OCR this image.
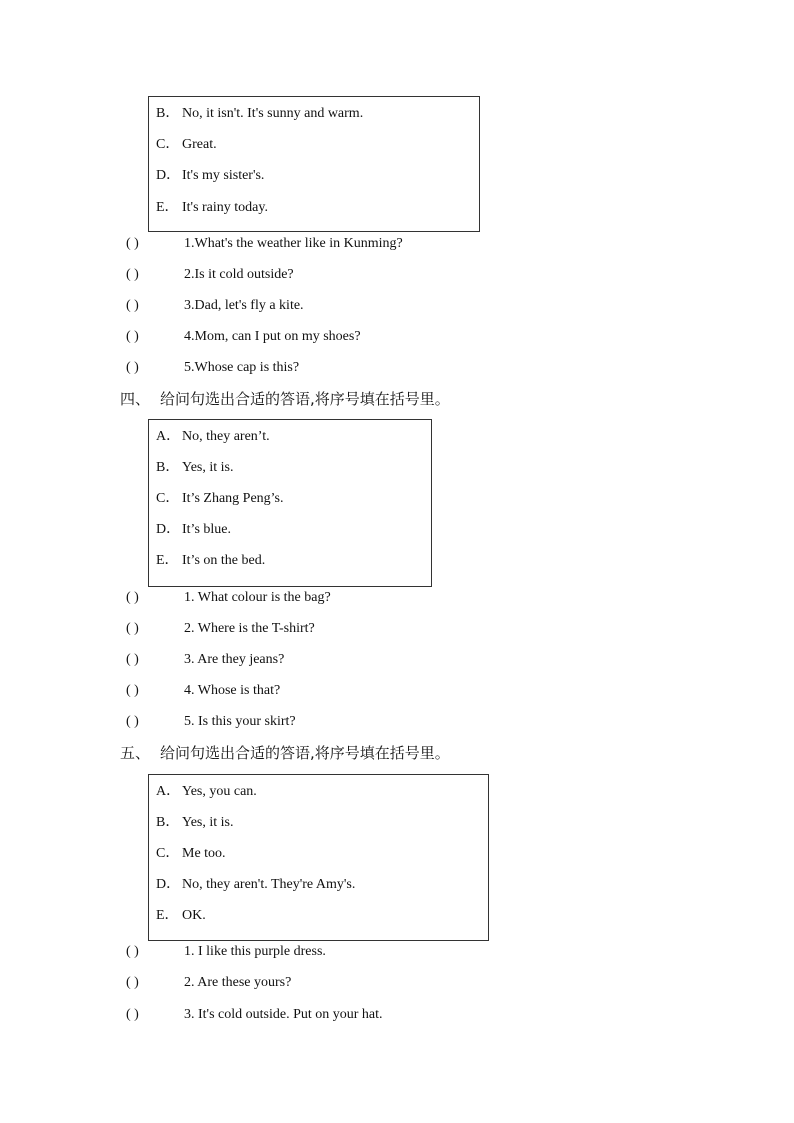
B． No, it isn't. It's sunny and warm.
C． Great.
D． It's my sister's.
E． It's rainy today.
( )	1.What's the weather like in Kunming?
( )	2.Is it cold outside?
( )	3.Dad, let's fly a kite.
( )	4.Mom, can I put on my shoes?
( )	5.Whose cap is this?
四、 给问句选出合适的答语,将序号填在括号里。
A． No, they aren’t.
B． Yes, it is.
C． It’s Zhang Peng’s.
D． It’s blue.
E． It’s on the bed.
( )	1. What colour is the bag?
( )	2. Where is the T-shirt?
( )	3. Are they jeans?
( )	4. Whose is that?
( )	5. Is this your skirt?
五、 给问句选出合适的答语,将序号填在括号里。
A． Yes, you can.
B． Yes, it is.
C． Me too.
D． No, they aren't. They're Amy's.
E． OK.
( )	1. I like this purple dress.
( )	2. Are these yours?
( )	3. It's cold outside. Put on your hat.
